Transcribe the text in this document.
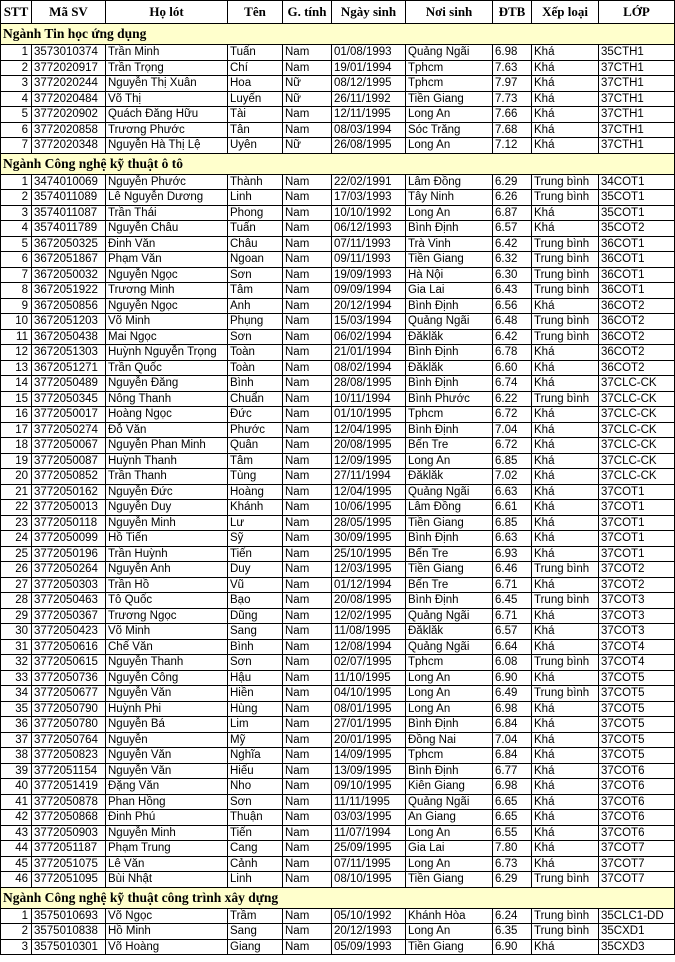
STT	Mã SV	Họ lót	Tên	G. tính	Ngày sinh	Nơi sinh	ĐTB	Xếp loại	LỚP
Ngành Tin học ứng dụng									
1	3573010374	Trần Minh	Tuấn	Nam	01/08/1993	Quảng Ngãi	6.98	Khá	35CTH1
2	3772020917	Trần Trọng	Chí	Nam	19/01/1994	Tphcm	7.63	Khá	37CTH1
3	3772020244	Nguyễn Thị Xuân	Hoa	Nữ	08/12/1995	Tphcm	7.97	Khá	37CTH1
4	3772020484	Võ Thị	Luyến	Nữ	26/11/1992	Tiền Giang	7.73	Khá	37CTH1
5	3772020902	Quách Đăng Hữu	Tài	Nam	12/11/1995	Long An	7.66	Khá	37CTH1
6	3772020858	Trương Phước	Tân	Nam	08/03/1994	Sóc Trăng	7.68	Khá	37CTH1
7	3772020348	Nguyễn Hà Thị Lệ	Uyên	Nữ	26/08/1995	Long An	7.12	Khá	37CTH1
Ngành Công nghệ kỹ thuật ô tô									
1	3474010069	Nguyễn Phước	Thành	Nam	22/02/1991	Lâm Đồng	6.29	Trung bình	34COT1
2	3574011089	Lê Nguyễn Dương	Linh	Nam	17/03/1993	Tây Ninh	6.26	Trung bình	35COT1
3	3574011087	Trần Thái	Phong	Nam	10/10/1992	Long An	6.87	Khá	35COT1
4	3574011789	Nguyễn Châu	Tuấn	Nam	06/12/1993	Bình Định	6.57	Khá	35COT2
5	3672050325	Đinh Văn	Châu	Nam	07/11/1993	Trà Vinh	6.42	Trung bình	36COT1
6	3672051867	Phạm Văn	Ngoan	Nam	09/11/1993	Tiền Giang	6.32	Trung bình	36COT1
7	3672050032	Nguyễn Ngọc	Sơn	Nam	19/09/1993	Hà Nội	6.30	Trung bình	36COT1
8	3672051922	Trương Minh	Tâm	Nam	09/09/1994	Gia Lai	6.43	Trung bình	36COT1
9	3672050856	Nguyễn Ngọc	Anh	Nam	20/12/1994	Bình Định	6.56	Khá	36COT2
10	3672051203	Võ Minh	Phụng	Nam	15/03/1994	Quảng Ngãi	6.48	Trung bình	36COT2
11	3672050438	Mai Ngọc	Sơn	Nam	06/02/1994	Đăklăk	6.42	Trung bình	36COT2
12	3672051303	Huỳnh Nguyễn Trọng	Toàn	Nam	21/01/1994	Bình Định	6.78	Khá	36COT2
13	3672051271	Trần Quốc	Toàn	Nam	08/02/1994	Đăklăk	6.60	Khá	36COT2
14	3772050489	Nguyễn Đăng	Bình	Nam	28/08/1995	Bình Định	6.74	Khá	37CLC-CK
15	3772050345	Nông Thanh	Chuẩn	Nam	10/11/1994	Bình Phước	6.22	Trung bình	37CLC-CK
16	3772050017	Hoàng Ngọc	Đức	Nam	01/10/1995	Tphcm	6.72	Khá	37CLC-CK
17	3772050274	Đỗ Văn	Phước	Nam	12/04/1995	Bình Định	7.04	Khá	37CLC-CK
18	3772050067	Nguyễn Phan Minh	Quân	Nam	20/08/1995	Bến Tre	6.72	Khá	37CLC-CK
19	3772050087	Huỳnh Thanh	Tâm	Nam	12/09/1995	Long An	6.85	Khá	37CLC-CK
20	3772050852	Trần Thanh	Tùng	Nam	27/11/1994	Đăklăk	7.02	Khá	37CLC-CK
21	3772050162	Nguyễn Đức	Hoàng	Nam	12/04/1995	Quảng Ngãi	6.63	Khá	37COT1
22	3772050013	Nguyễn Duy	Khánh	Nam	10/06/1995	Lâm Đồng	6.61	Khá	37COT1
23	3772050118	Nguyễn Minh	Lư	Nam	28/05/1995	Tiền Giang	6.85	Khá	37COT1
24	3772050099	Hồ Tiến	Sỹ	Nam	30/09/1995	Bình Định	6.63	Khá	37COT1
25	3772050196	Trần Huỳnh	Tiến	Nam	25/10/1995	Bến Tre	6.93	Khá	37COT1
26	3772050264	Nguyễn Anh	Duy	Nam	12/03/1995	Tiền Giang	6.46	Trung bình	37COT2
27	3772050303	Trần Hồ	Vũ	Nam	01/12/1994	Bến Tre	6.71	Khá	37COT2
28	3772050463	Tô Quốc	Bạo	Nam	20/08/1995	Bình Định	6.45	Trung bình	37COT3
29	3772050367	Trương Ngọc	Dũng	Nam	12/02/1995	Quảng Ngãi	6.71	Khá	37COT3
30	3772050423	Võ Minh	Sang	Nam	11/08/1995	Đăklăk	6.57	Khá	37COT3
31	3772050616	Chế Văn	Bình	Nam	12/08/1994	Quảng Ngãi	6.64	Khá	37COT4
32	3772050615	Nguyễn Thanh	Sơn	Nam	02/07/1995	Tphcm	6.08	Trung bình	37COT4
33	3772050736	Nguyễn Công	Hậu	Nam	11/10/1995	Long An	6.90	Khá	37COT5
34	3772050677	Nguyễn Văn	Hiền	Nam	04/10/1995	Long An	6.49	Trung bình	37COT5
35	3772050790	Huỳnh Phi	Hùng	Nam	08/01/1995	Long An	6.98	Khá	37COT5
36	3772050780	Nguyễn Bá	Lim	Nam	27/01/1995	Bình Định	6.84	Khá	37COT5
37	3772050764	Nguyễn	Mỹ	Nam	20/01/1995	Đồng Nai	7.04	Khá	37COT5
38	3772050823	Nguyễn Văn	Nghĩa	Nam	14/09/1995	Tphcm	6.84	Khá	37COT5
39	3772051154	Nguyễn Văn	Hiếu	Nam	13/09/1995	Bình Định	6.77	Khá	37COT6
40	3772051419	Đặng Văn	Nho	Nam	09/10/1995	Kiên Giang	6.98	Khá	37COT6
41	3772050878	Phan Hồng	Sơn	Nam	11/11/1995	Quảng Ngãi	6.65	Khá	37COT6
42	3772050868	Đinh Phú	Thuận	Nam	03/03/1995	An Giang	6.65	Khá	37COT6
43	3772050903	Nguyễn Minh	Tiến	Nam	11/07/1994	Long An	6.55	Khá	37COT6
44	3772051187	Phạm Trung	Cang	Nam	25/09/1995	Gia Lai	7.80	Khá	37COT7
45	3772051075	Lê Văn	Cảnh	Nam	07/11/1995	Long An	6.73	Khá	37COT7
46	3772051095	Bùi Nhật	Linh	Nam	08/10/1995	Tiền Giang	6.29	Trung bình	37COT7
Ngành Công nghệ kỹ thuật công trình xây dựng									
1	3575010693	Võ Ngọc	Trầm	Nam	05/10/1992	Khánh Hòa	6.24	Trung bình	35CLC1-DD
2	3575010838	Hồ Minh	Sang	Nam	20/12/1993	Long An	6.35	Trung bình	35CXD1
3	3575010301	Võ Hoàng	Giang	Nam	05/09/1993	Tiền Giang	6.90	Khá	35CXD3
